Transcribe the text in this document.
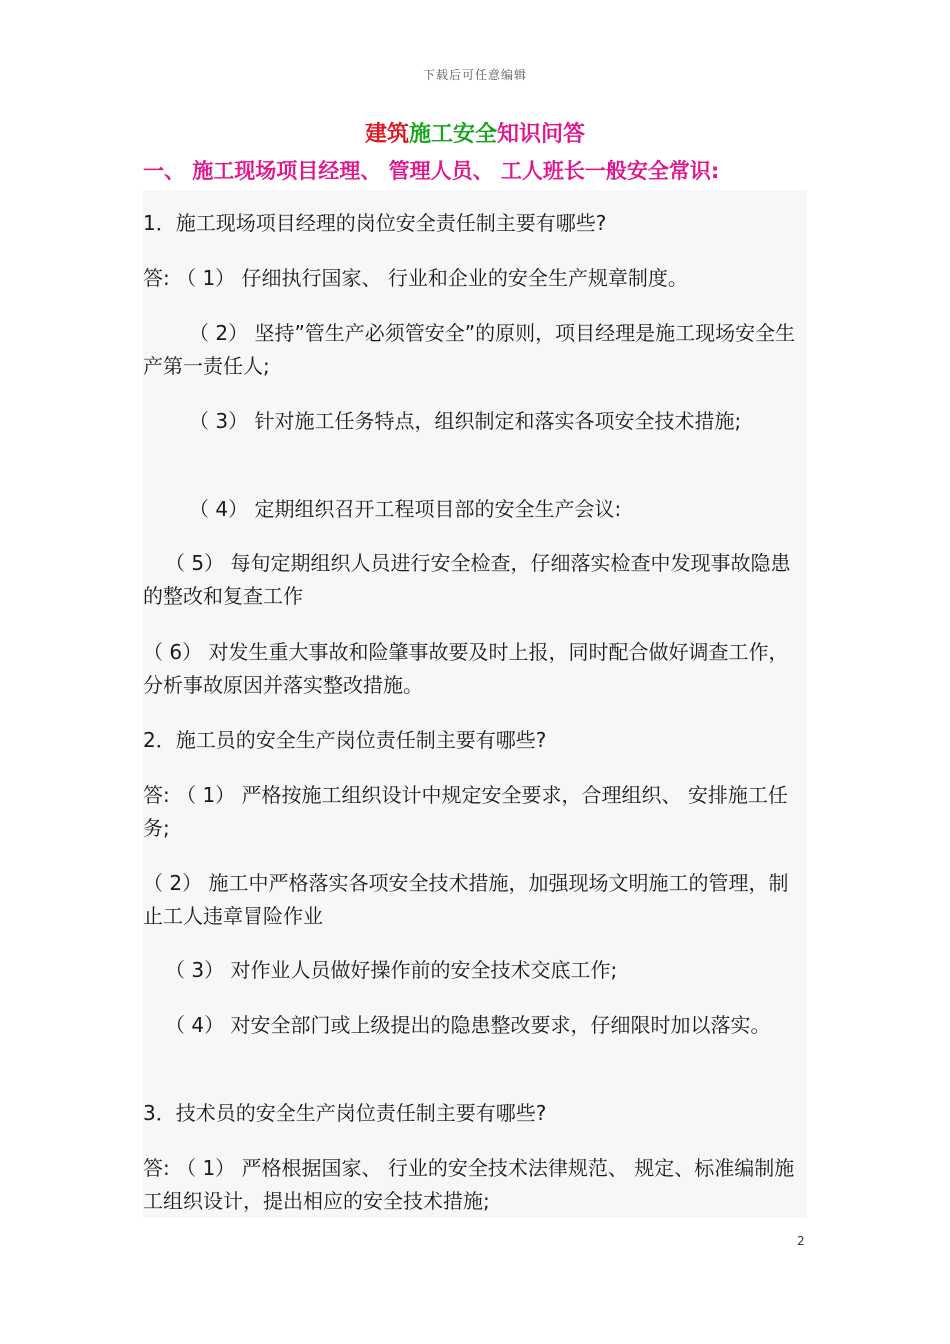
下载后可任意编辑
建筑施工安全知识问答
一、 施工现场项目经理、 管理人员、 工人班长一般安全常识:
1．施工现场项目经理的岗位安全责任制主要有哪些?
答: （ 1） 仔细执行国家、 行业和企业的安全生产规章制度。
（ 2） 坚持”管生产必须管安全”的原则，项目经理是施工现场安全生产第一责任人;
（ 3） 针对施工任务特点，组织制定和落实各项安全技术措施;
（ 4） 定期组织召开工程项目部的安全生产会议:
（ 5） 每旬定期组织人员进行安全检查，仔细落实检查中发现事故隐患的整改和复查工作
（ 6） 对发生重大事故和险肇事故要及时上报，同时配合做好调查工作，分析事故原因并落实整改措施。
2．施工员的安全生产岗位责任制主要有哪些?
答: （ 1） 严格按施工组织设计中规定安全要求，合理组织、 安排施工任务;
（ 2） 施工中严格落实各项安全技术措施，加强现场文明施工的管理，制止工人违章冒险作业
（ 3） 对作业人员做好操作前的安全技术交底工作;
（ 4） 对安全部门或上级提出的隐患整改要求，仔细限时加以落实。
3．技术员的安全生产岗位责任制主要有哪些?
答: （ 1） 严格根据国家、 行业的安全技术法律规范、 规定、标准编制施工组织设计，提出相应的安全技术措施;
2
